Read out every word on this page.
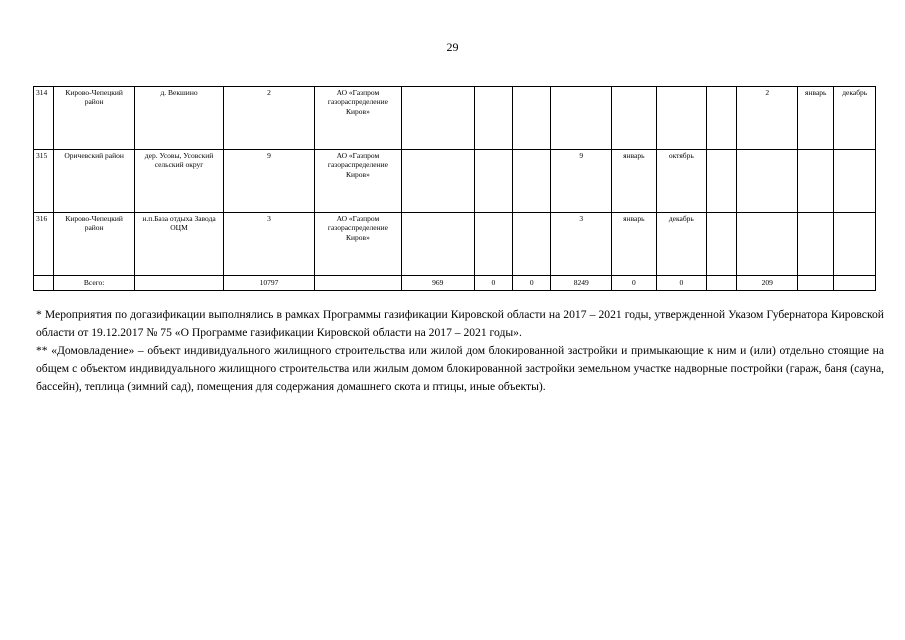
29
314	Кирово-Чепецкий район	д. Векшино	2	АО «Газпром газораспределение Киров»								2	январь	декабрь
315	Оричевский район	дер. Усовы, Усовский сельский округ	9	АО «Газпром газораспределение Киров»				9	январь	октябрь				
316	Кирово-Чепецкий район	н.п.База отдыха Завода ОЦМ	3	АО «Газпром газораспределение Киров»				3	январь	декабрь				
	Всего:		10797		969	0	0	8249	0	0		209		

* Мероприятия по догазификации выполнялись в рамках Программы газификации Кировской области на 2017 – 2021 годы, утвержденной Указом Губернатора Кировской области от 19.12.2017 № 75 «О Программе газификации Кировской области на 2017 – 2021 годы».

** «Домовладение» – объект индивидуального жилищного строительства или жилой дом блокированной застройки и примыкающие к ним и (или) отдельно стоящие на общем с объектом индивидуального жилищного строительства или жилым домом блокированной застройки земельном участке надворные постройки (гараж, баня (сауна, бассейн), теплица (зимний сад), помещения для содержания домашнего скота и птицы, иные объекты).
